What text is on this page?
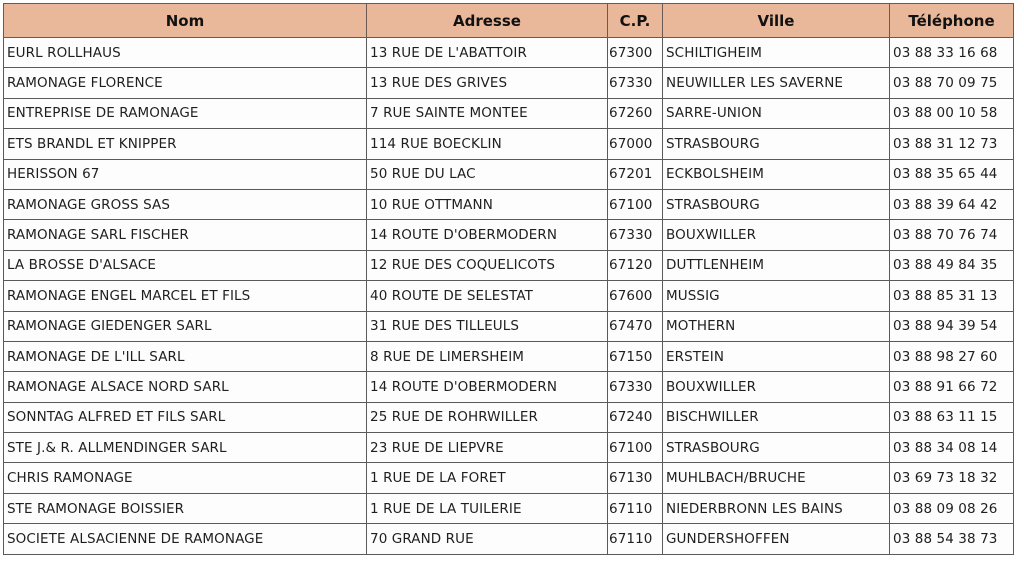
Nom	Adresse	C.P.	Ville	Téléphone
EURL ROLLHAUS	13 RUE DE L'ABATTOIR	67300	SCHILTIGHEIM	03 88 33 16 68
RAMONAGE FLORENCE	13 RUE DES GRIVES	67330	NEUWILLER LES SAVERNE	03 88 70 09 75
ENTREPRISE DE RAMONAGE	7 RUE SAINTE MONTEE	67260	SARRE-UNION	03 88 00 10 58
ETS BRANDL ET KNIPPER	114 RUE BOECKLIN	67000	STRASBOURG	03 88 31 12 73
HERISSON 67	50 RUE DU LAC	67201	ECKBOLSHEIM	03 88 35 65 44
RAMONAGE GROSS SAS	10 RUE OTTMANN	67100	STRASBOURG	03 88 39 64 42
RAMONAGE SARL FISCHER	14 ROUTE D'OBERMODERN	67330	BOUXWILLER	03 88 70 76 74
LA BROSSE D'ALSACE	12 RUE DES COQUELICOTS	67120	DUTTLENHEIM	03 88 49 84 35
RAMONAGE ENGEL MARCEL ET FILS	40 ROUTE DE SELESTAT	67600	MUSSIG	03 88 85 31 13
RAMONAGE GIEDENGER SARL	31 RUE DES TILLEULS	67470	MOTHERN	03 88 94 39 54
RAMONAGE DE L'ILL SARL	8 RUE DE LIMERSHEIM	67150	ERSTEIN	03 88 98 27 60
RAMONAGE ALSACE NORD SARL	14 ROUTE D'OBERMODERN	67330	BOUXWILLER	03 88 91 66 72
SONNTAG ALFRED ET FILS SARL	25 RUE DE ROHRWILLER	67240	BISCHWILLER	03 88 63 11 15
STE J.& R. ALLMENDINGER SARL	23 RUE DE LIEPVRE	67100	STRASBOURG	03 88 34 08 14
CHRIS RAMONAGE	1 RUE DE LA FORET	67130	MUHLBACH/BRUCHE	03 69 73 18 32
STE RAMONAGE BOISSIER	1 RUE DE LA TUILERIE	67110	NIEDERBRONN LES BAINS	03 88 09 08 26
SOCIETE ALSACIENNE DE RAMONAGE	70 GRAND RUE	67110	GUNDERSHOFFEN	03 88 54 38 73
